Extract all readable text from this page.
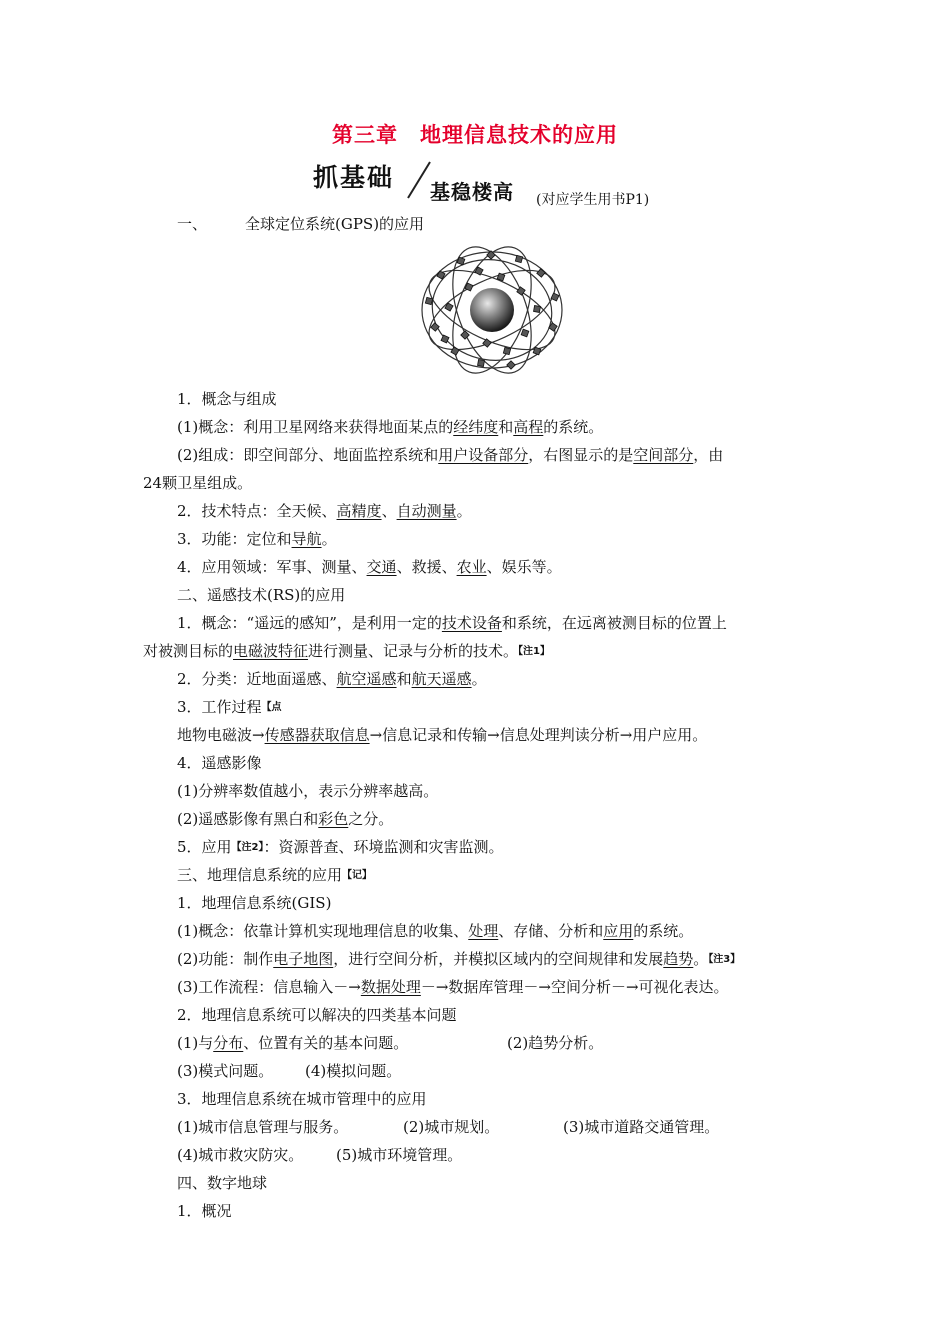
第三章　地理信息技术的应用
抓基础 基稳楼高 (对应学生用书P1)
一、	全球定位系统(GPS)的应用
1．概念与组成
(1)概念：利用卫星网络来获得地面某点的经纬度和高程的系统。
(2)组成：即空间部分、地面监控系统和用户设备部分，右图显示的是空间部分，由
24颗卫星组成。
2．技术特点：全天候、高精度、自动测量。
3．功能：定位和导航。
4．应用领域：军事、测量、交通、救援、农业、娱乐等。
二、遥感技术(RS)的应用
1．概念：“遥远的感知”，是利用一定的技术设备和系统，在远离被测目标的位置上
对被测目标的电磁波特征进行测量、记录与分析的技术。【注1】
2．分类：近地面遥感、航空遥感和航天遥感。
3．工作过程【点
地物电磁波→传感器获取信息→信息记录和传输→信息处理判读分析→用户应用。
4．遥感影像
(1)分辨率数值越小，表示分辨率越高。
(2)遥感影像有黑白和彩色之分。
5．应用【注2】：资源普查、环境监测和灾害监测。
三、地理信息系统的应用【记】
1．地理信息系统(GIS)
(1)概念：依靠计算机实现地理信息的收集、处理、存储、分析和应用的系统。
(2)功能：制作电子地图，进行空间分析，并模拟区域内的空间规律和发展趋势。【注3】
(3)工作流程：信息输入－→数据处理－→数据库管理－→空间分析－→可视化表达。
2．地理信息系统可以解决的四类基本问题
(1)与分布、位置有关的基本问题。	(2)趋势分析。
(3)模式问题。 (4)模拟问题。
3．地理信息系统在城市管理中的应用
(1)城市信息管理与服务。	(2)城市规划。	(3)城市道路交通管理。
(4)城市救灾防灾。 (5)城市环境管理。
四、数字地球
1．概况
